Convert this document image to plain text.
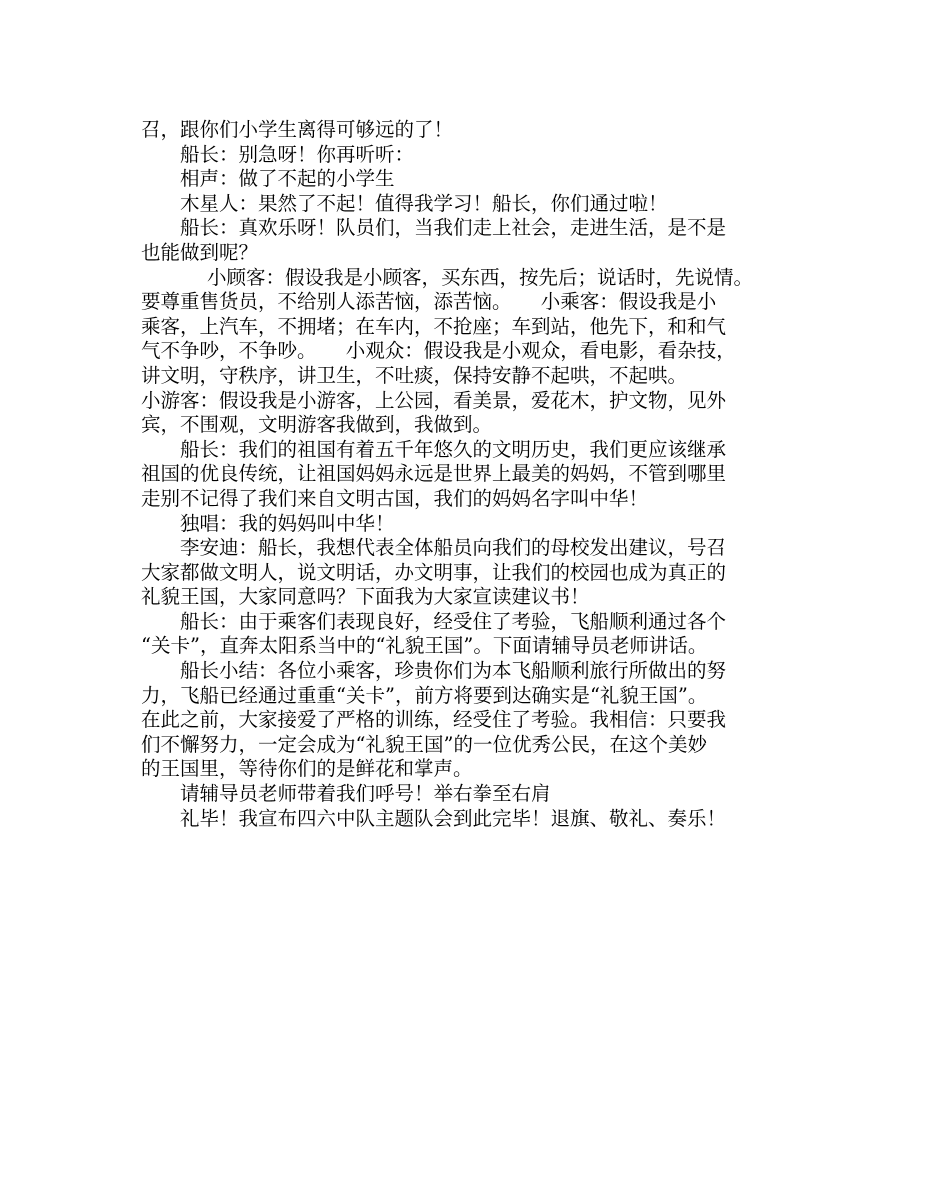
召，跟你们小学生离得可够远的了！
船长：别急呀！你再听听：
相声：做了不起的小学生
木星人：果然了不起！值得我学习！船长，你们通过啦！
船长：真欢乐呀！队员们，当我们走上社会，走进生活，是不是
也能做到呢？
小顾客：假设我是小顾客，买东西，按先后；说话时，先说情。
要尊重售货员，不给别人添苦恼，添苦恼。　　小乘客：假设我是小
乘客，上汽车，不拥堵；在车内，不抢座；车到站，他先下，和和气
气不争吵，不争吵。　　小观众：假设我是小观众，看电影，看杂技，
讲文明，守秩序，讲卫生，不吐痰，保持安静不起哄，不起哄。
小游客：假设我是小游客，上公园，看美景，爱花木，护文物，见外
宾，不围观，文明游客我做到，我做到。
船长：我们的祖国有着五千年悠久的文明历史，我们更应该继承
祖国的优良传统，让祖国妈妈永远是世界上最美的妈妈，不管到哪里
走别不记得了我们来自文明古国，我们的妈妈名字叫中华！
独唱：我的妈妈叫中华！
李安迪：船长，我想代表全体船员向我们的母校发出建议，号召
大家都做文明人，说文明话，办文明事，让我们的校园也成为真正的
礼貌王国，大家同意吗？下面我为大家宣读建议书！
船长：由于乘客们表现良好，经受住了考验，飞船顺利通过各个
“关卡”，直奔太阳系当中的“礼貌王国”。下面请辅导员老师讲话。
船长小结：各位小乘客，珍贵你们为本飞船顺利旅行所做出的努
力，飞船已经通过重重“关卡”，前方将要到达确实是“礼貌王国”。
在此之前，大家接爱了严格的训练，经受住了考验。我相信：只要我
们不懈努力，一定会成为“礼貌王国”的一位优秀公民，在这个美妙
的王国里，等待你们的是鲜花和掌声。
请辅导员老师带着我们呼号！举右拳至右肩
礼毕！我宣布四六中队主题队会到此完毕！退旗、敬礼、奏乐！
